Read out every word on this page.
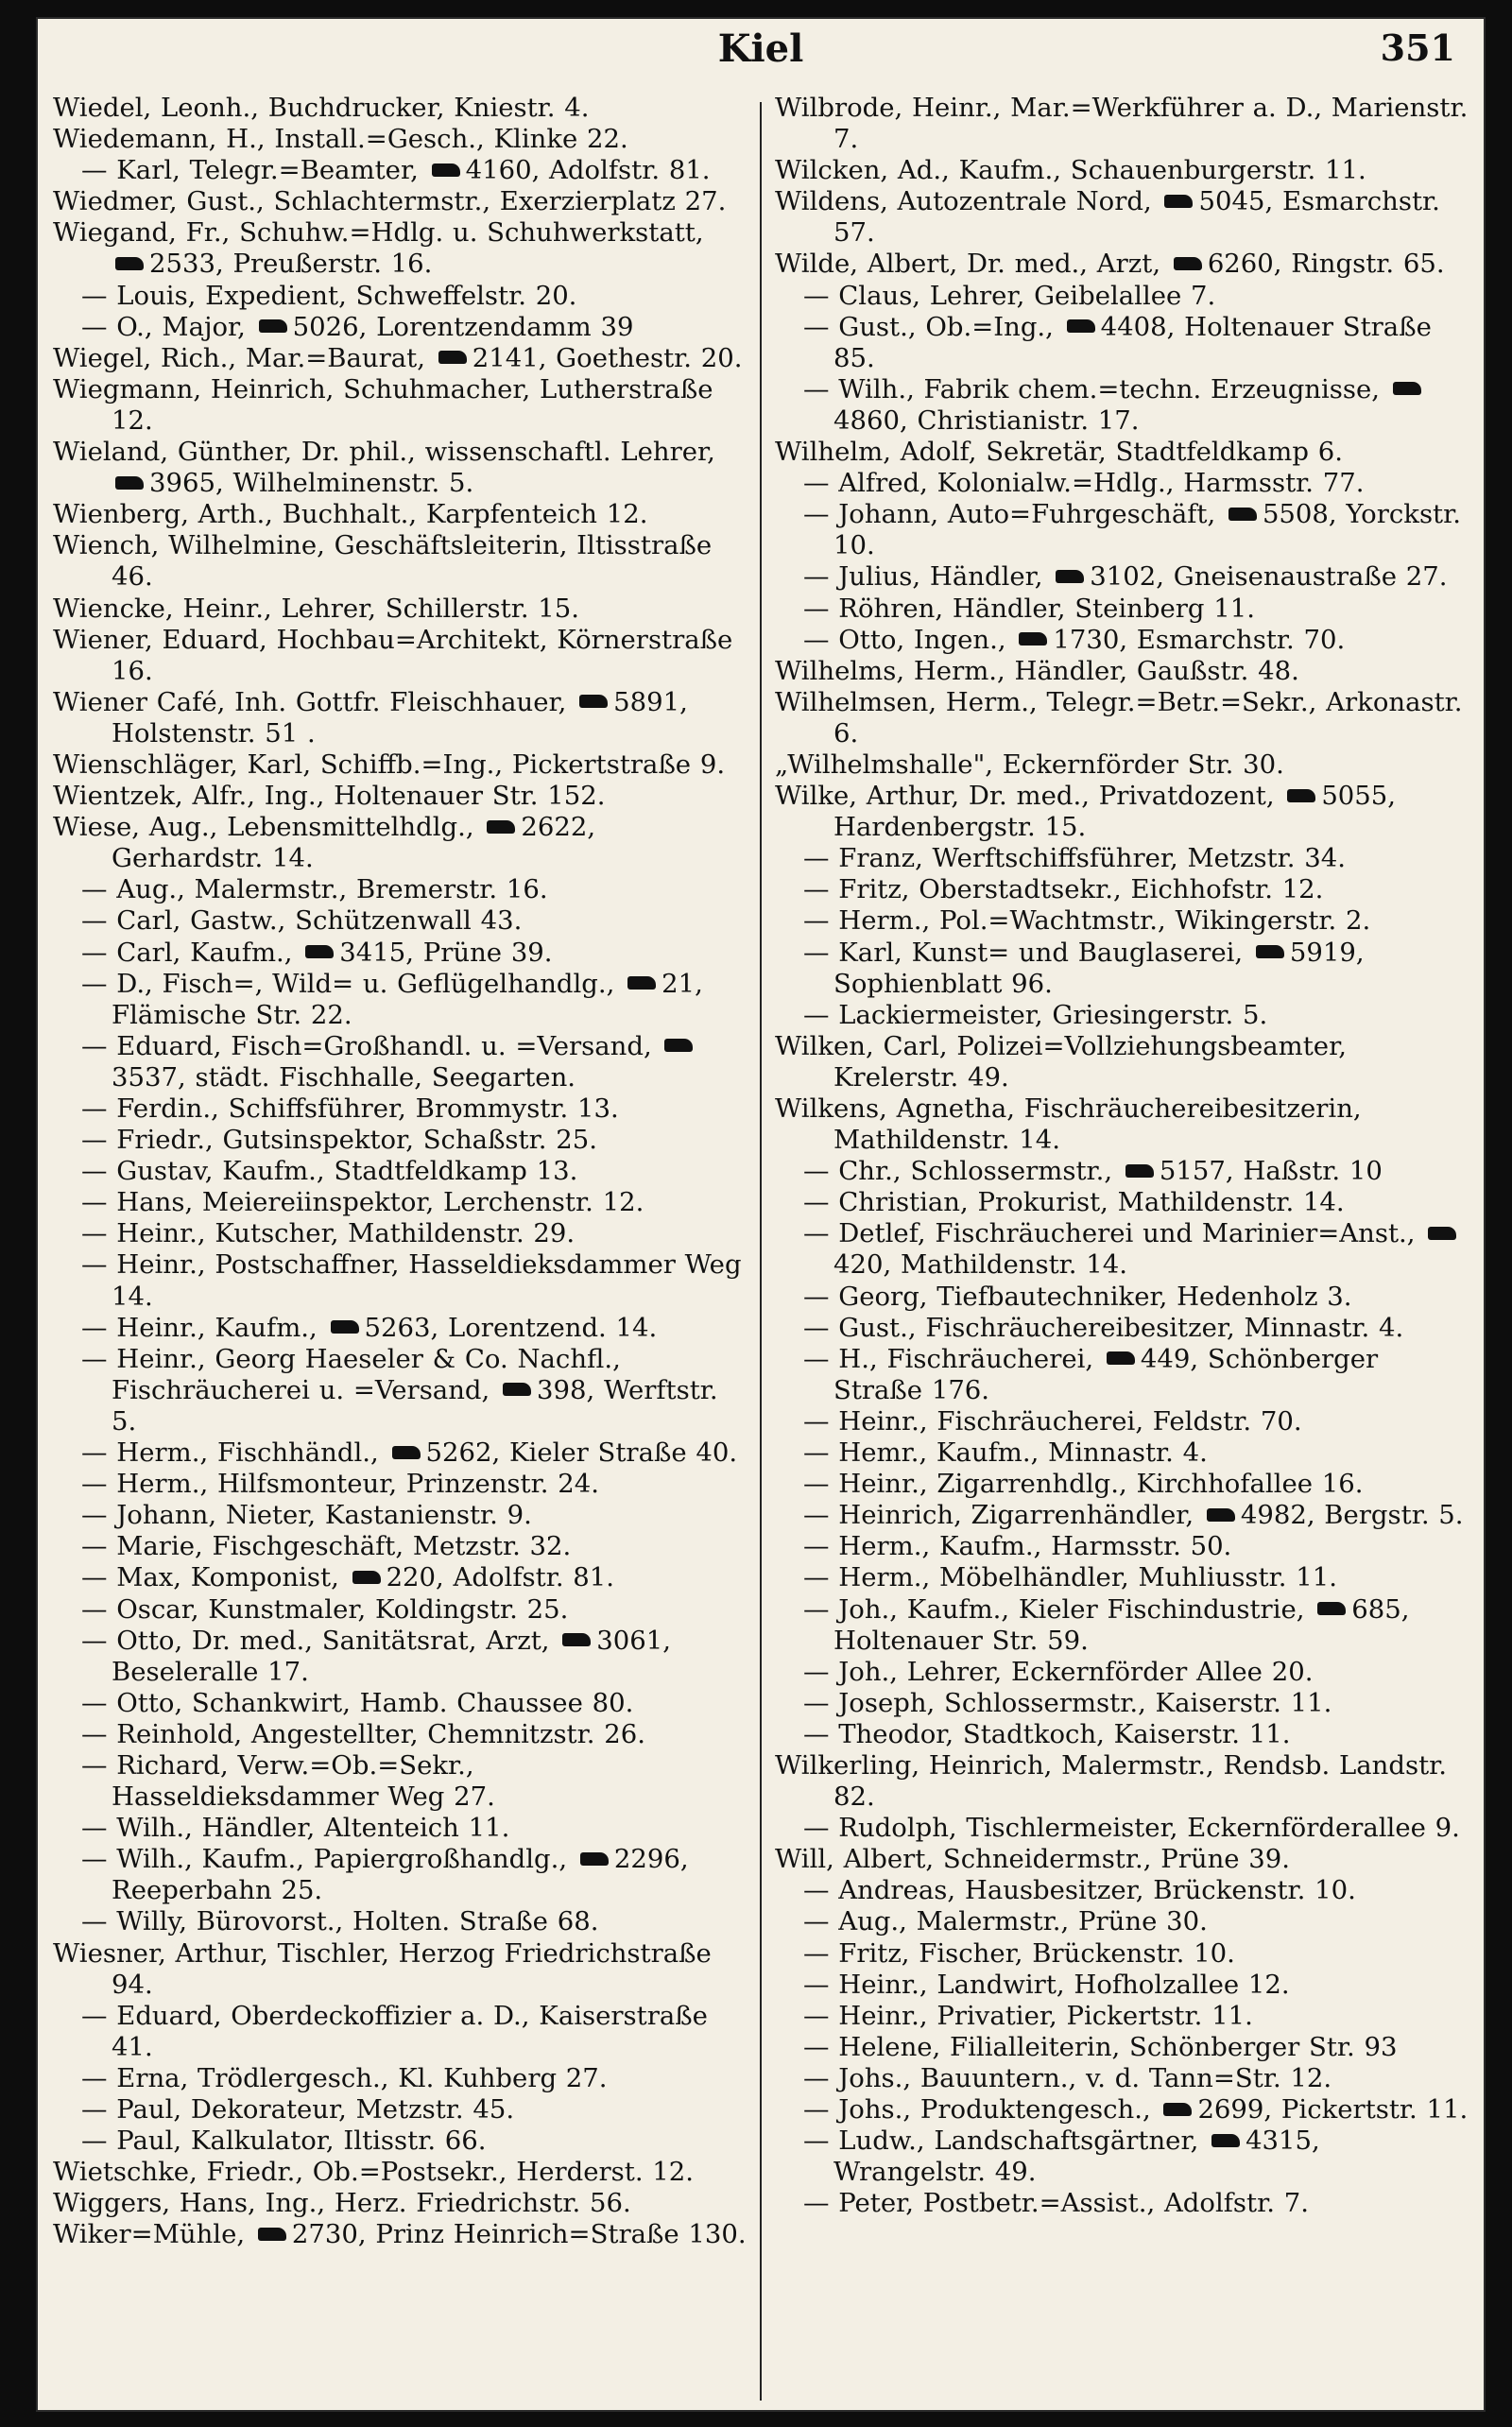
Kiel	351
Wiedel, Leonh., Buchdrucker, Kniestr. 4.
Wiedemann, H., Install.=Gesch., Klinke 22.
— Karl, Telegr.=Beamter, 4160, Adolfstr. 81.
Wiedmer, Gust., Schlachtermstr., Exerzierplatz 27.
Wiegand, Fr., Schuhw.=Hdlg. u. Schuhwerkstatt, 2533, Preußerstr. 16.
— Louis, Expedient, Schweffelstr. 20.
— O., Major, 5026, Lorentzendamm 39
Wiegel, Rich., Mar.=Baurat, 2141, Goethestr. 20.
Wiegmann, Heinrich, Schuhmacher, Lutherstraße 12.
Wieland, Günther, Dr. phil., wissenschaftl. Lehrer, 3965, Wilhelminenstr. 5.
Wienberg, Arth., Buchhalt., Karpfenteich 12.
Wiench, Wilhelmine, Geschäftsleiterin, Iltisstraße 46.
Wiencke, Heinr., Lehrer, Schillerstr. 15.
Wiener, Eduard, Hochbau=Architekt, Körnerstraße 16.
Wiener Café, Inh. Gottfr. Fleischhauer, 5891, Holstenstr. 51 .
Wienschläger, Karl, Schiffb.=Ing., Pickertstraße 9.
Wientzek, Alfr., Ing., Holtenauer Str. 152.
Wiese, Aug., Lebensmittelhdlg., 2622, Gerhardstr. 14.
— Aug., Malermstr., Bremerstr. 16.
— Carl, Gastw., Schützenwall 43.
— Carl, Kaufm., 3415, Prüne 39.
— D., Fisch=, Wild= u. Geflügelhandlg., 21, Flämische Str. 22.
— Eduard, Fisch=Großhandl. u. =Versand, 3537, städt. Fischhalle, Seegarten.
— Ferdin., Schiffsführer, Brommystr. 13.
— Friedr., Gutsinspektor, Schaßstr. 25.
— Gustav, Kaufm., Stadtfeldkamp 13.
— Hans, Meiereiinspektor, Lerchenstr. 12.
— Heinr., Kutscher, Mathildenstr. 29.
— Heinr., Postschaffner, Hasseldieksdammer Weg 14.
— Heinr., Kaufm., 5263, Lorentzend. 14.
— Heinr., Georg Haeseler & Co. Nachfl., Fischräucherei u. =Versand, 398, Werftstr. 5.
— Herm., Fischhändl., 5262, Kieler Straße 40.
— Herm., Hilfsmonteur, Prinzenstr. 24.
— Johann, Nieter, Kastanienstr. 9.
— Marie, Fischgeschäft, Metzstr. 32.
— Max, Komponist, 220, Adolfstr. 81.
— Oscar, Kunstmaler, Koldingstr. 25.
— Otto, Dr. med., Sanitätsrat, Arzt, 3061, Beseleralle 17.
— Otto, Schankwirt, Hamb. Chaussee 80.
— Reinhold, Angestellter, Chemnitzstr. 26.
— Richard, Verw.=Ob.=Sekr., Hasseldieksdammer Weg 27.
— Wilh., Händler, Altenteich 11.
— Wilh., Kaufm., Papiergroßhandlg., 2296, Reeperbahn 25.
— Willy, Bürovorst., Holten. Straße 68.
Wiesner, Arthur, Tischler, Herzog Friedrichstraße 94.
— Eduard, Oberdeckoffizier a. D., Kaiserstraße 41.
— Erna, Trödlergesch., Kl. Kuhberg 27.
— Paul, Dekorateur, Metzstr. 45.
— Paul, Kalkulator, Iltisstr. 66.
Wietschke, Friedr., Ob.=Postsekr., Herderst. 12.
Wiggers, Hans, Ing., Herz. Friedrichstr. 56.
Wiker=Mühle, 2730, Prinz Heinrich=Straße 130.
Wilbrode, Heinr., Mar.=Werkführer a. D., Marienstr. 7.
Wilcken, Ad., Kaufm., Schauenburgerstr. 11.
Wildens, Autozentrale Nord, 5045, Esmarchstr. 57.
Wilde, Albert, Dr. med., Arzt, 6260, Ringstr. 65.
— Claus, Lehrer, Geibelallee 7.
— Gust., Ob.=Ing., 4408, Holtenauer Straße 85.
— Wilh., Fabrik chem.=techn. Erzeugnisse, 4860, Christianistr. 17.
Wilhelm, Adolf, Sekretär, Stadtfeldkamp 6.
— Alfred, Kolonialw.=Hdlg., Harmsstr. 77.
— Johann, Auto=Fuhrgeschäft, 5508, Yorckstr. 10.
— Julius, Händler, 3102, Gneisenaustraße 27.
— Röhren, Händler, Steinberg 11.
— Otto, Ingen., 1730, Esmarchstr. 70.
Wilhelms, Herm., Händler, Gaußstr. 48.
Wilhelmsen, Herm., Telegr.=Betr.=Sekr., Arkonastr. 6.
„Wilhelmshalle", Eckernförder Str. 30.
Wilke, Arthur, Dr. med., Privatdozent, 5055, Hardenbergstr. 15.
— Franz, Werftschiffsführer, Metzstr. 34.
— Fritz, Oberstadtsekr., Eichhofstr. 12.
— Herm., Pol.=Wachtmstr., Wikingerstr. 2.
— Karl, Kunst= und Bauglaserei, 5919, Sophienblatt 96.
— Lackiermeister, Griesingerstr. 5.
Wilken, Carl, Polizei=Vollziehungsbeamter, Krelerstr. 49.
Wilkens, Agnetha, Fischräuchereibesitzerin, Mathildenstr. 14.
— Chr., Schlossermstr., 5157, Haßstr. 10
— Christian, Prokurist, Mathildenstr. 14.
— Detlef, Fischräucherei und Marinier=Anst., 420, Mathildenstr. 14.
— Georg, Tiefbautechniker, Hedenholz 3.
— Gust., Fischräuchereibesitzer, Minnastr. 4.
— H., Fischräucherei, 449, Schönberger Straße 176.
— Heinr., Fischräucherei, Feldstr. 70.
— Hemr., Kaufm., Minnastr. 4.
— Heinr., Zigarrenhdlg., Kirchhofallee 16.
— Heinrich, Zigarrenhändler, 4982, Bergstr. 5.
— Herm., Kaufm., Harmsstr. 50.
— Herm., Möbelhändler, Muhliusstr. 11.
— Joh., Kaufm., Kieler Fischindustrie, 685, Holtenauer Str. 59.
— Joh., Lehrer, Eckernförder Allee 20.
— Joseph, Schlossermstr., Kaiserstr. 11.
— Theodor, Stadtkoch, Kaiserstr. 11.
Wilkerling, Heinrich, Malermstr., Rendsb. Landstr. 82.
— Rudolph, Tischlermeister, Eckernförderallee 9.
Will, Albert, Schneidermstr., Prüne 39.
— Andreas, Hausbesitzer, Brückenstr. 10.
— Aug., Malermstr., Prüne 30.
— Fritz, Fischer, Brückenstr. 10.
— Heinr., Landwirt, Hofholzallee 12.
— Heinr., Privatier, Pickertstr. 11.
— Helene, Filialleiterin, Schönberger Str. 93
— Johs., Bauuntern., v. d. Tann=Str. 12.
— Johs., Produktengesch., 2699, Pickertstr. 11.
— Ludw., Landschaftsgärtner, 4315, Wrangelstr. 49.
— Peter, Postbetr.=Assist., Adolfstr. 7.
